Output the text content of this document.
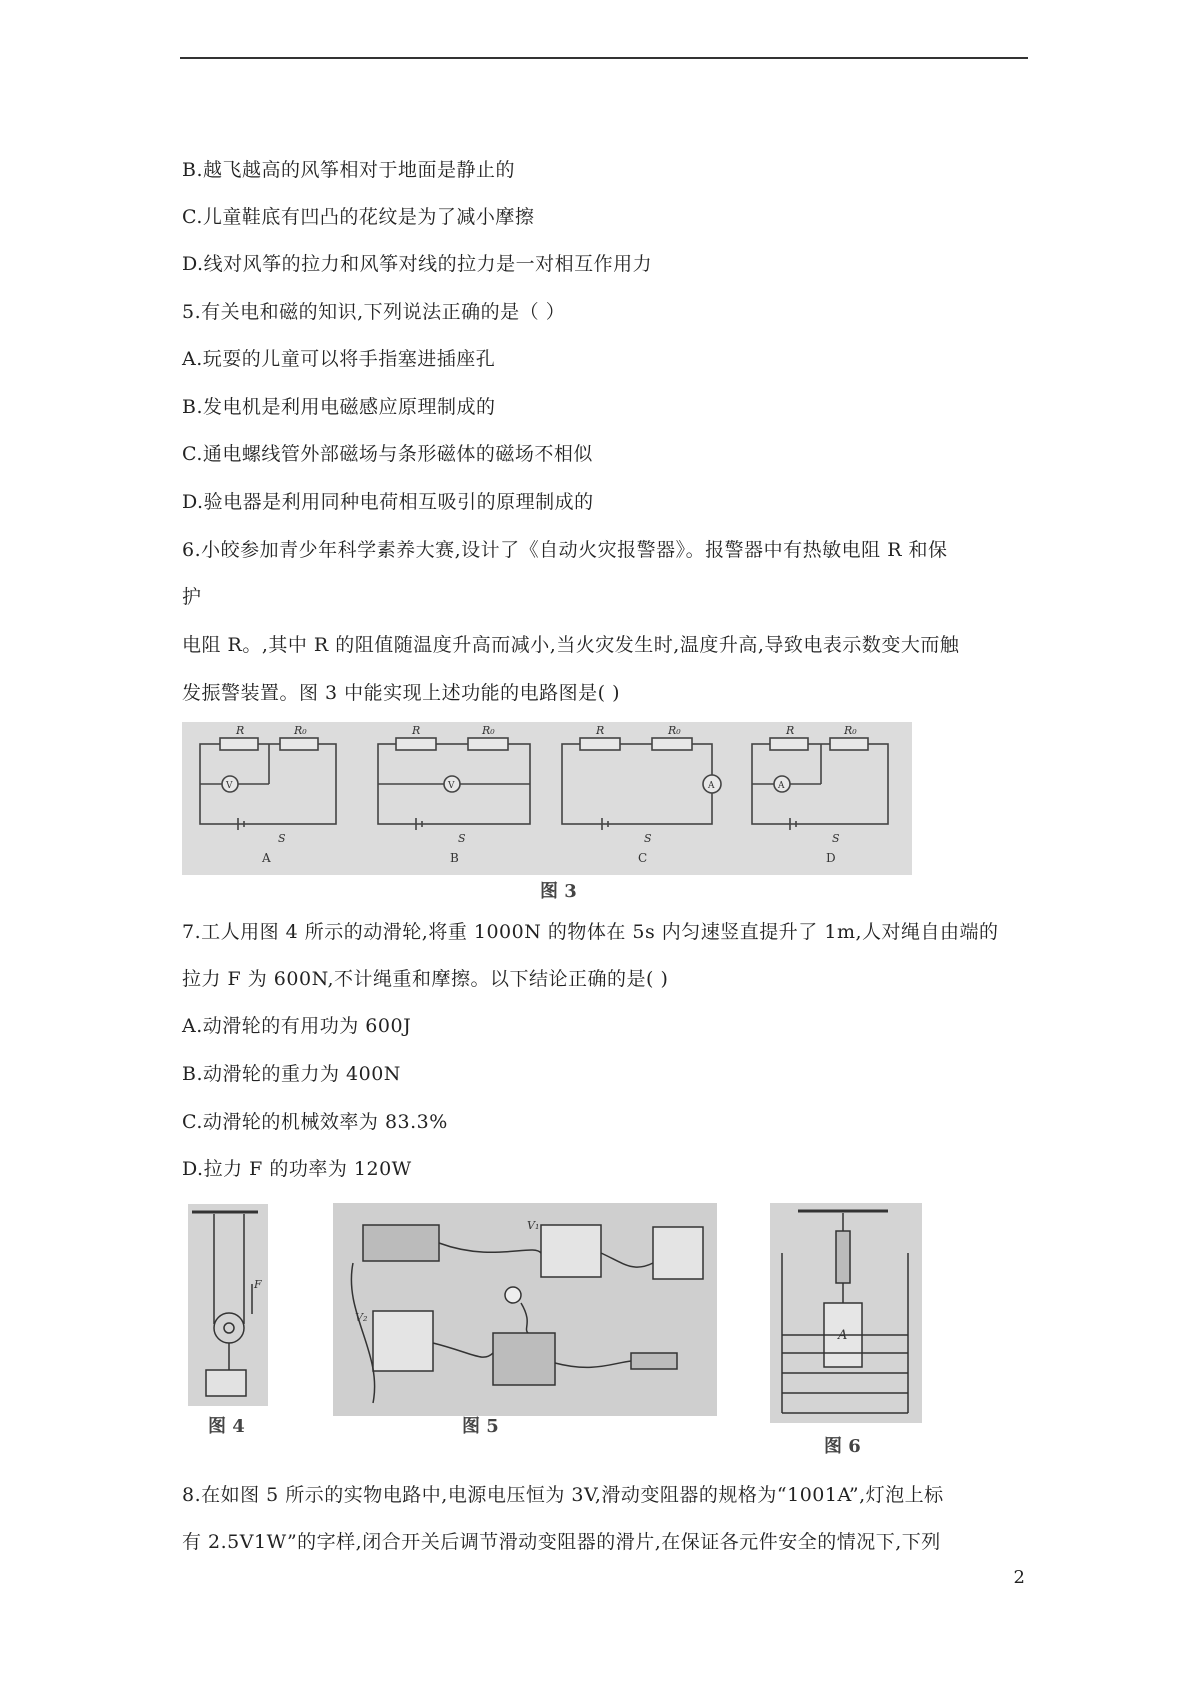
B.越飞越高的风筝相对于地面是静止的
C.儿童鞋底有凹凸的花纹是为了减小摩擦
D.线对风筝的拉力和风筝对线的拉力是一对相互作用力
5.有关电和磁的知识,下列说法正确的是（ ）
A.玩耍的儿童可以将手指塞进插座孔
B.发电机是利用电磁感应原理制成的
C.通电螺线管外部磁场与条形磁体的磁场不相似
D.验电器是利用同种电荷相互吸引的原理制成的
6.小皎参加青少年科学素养大赛,设计了《自动火灾报警器》。报警器中有热敏电阻 R 和保
护
电阻 R。,其中 R 的阻值随温度升高而减小,当火灾发生时,温度升高,导致电表示数变大而触
发振警装置。图 3 中能实现上述功能的电路图是( )
R	R₀	R	R₀	R	R₀	R	R₀
S	S	S	S
V	V	A	A
A	B	C	D
图 3
7.工人用图 4 所示的动滑轮,将重 1000N 的物体在 5s 内匀速竖直提升了 1m,人对绳自由端的
拉力 F 为 600N,不计绳重和摩擦。以下结论正确的是( )
A.动滑轮的有用功为 600J
B.动滑轮的重力为 400N
C.动滑轮的机械效率为 83.3%
D.拉力 F 的功率为 120W
F
图 4
V₁
V₂
图 5
A
图 6
8.在如图 5 所示的实物电路中,电源电压恒为 3V,滑动变阻器的规格为“1001A”,灯泡上标
有 2.5V1W”的字样,闭合开关后调节滑动变阻器的滑片,在保证各元件安全的情况下,下列
2
